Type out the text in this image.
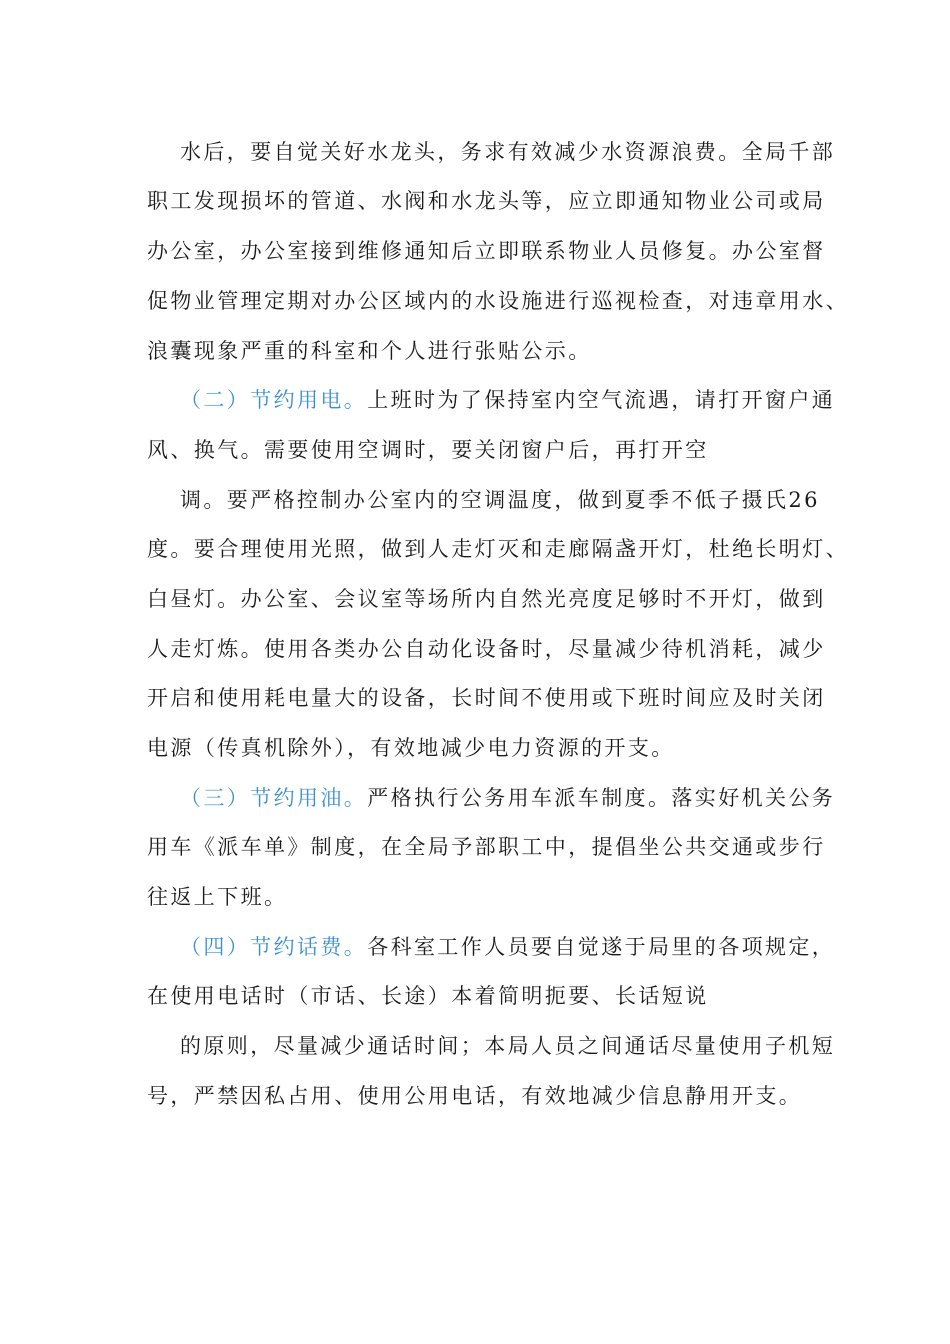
水后，要自觉关好水龙头，务求有效减少水资源浪费。全局千部
职工发现损坏的管道、水阀和水龙头等，应立即通知物业公司或局
办公室，办公室接到维修通知后立即联系物业人员修复。办公室督
促物业管理定期对办公区域内的水设施进行巡视检查，对违章用水、
浪囊现象严重的科室和个人进行张贴公示。
（二）节约用电。上班时为了保持室内空气流遇，请打开窗户通
风、换气。需要使用空调时，要关闭窗户后，再打开空
调。要严格控制办公室内的空调温度，做到夏季不低子摄氏26
度。要合理使用光照，做到人走灯灭和走廊隔盏开灯，杜绝长明灯、
白昼灯。办公室、会议室等场所内自然光亮度足够时不开灯，做到
人走灯炼。使用各类办公自动化设备时，尽量减少待机消耗，减少
开启和使用耗电量大的设备，长时间不使用或下班时间应及时关闭
电源（传真机除外），有效地减少电力资源的开支。
（三）节约用油。严格执行公务用车派车制度。落实好机关公务
用车《派车单》制度，在全局予部职工中，提倡坐公共交通或步行
往返上下班。
（四）节约话费。各科室工作人员要自觉遂于局里的各项规定，
在使用电话时（市话、长途）本着简明扼要、长话短说
的原则，尽量减少通话时间；本局人员之间通话尽量使用子机短
号，严禁因私占用、使用公用电话，有效地减少信息静用开支。
